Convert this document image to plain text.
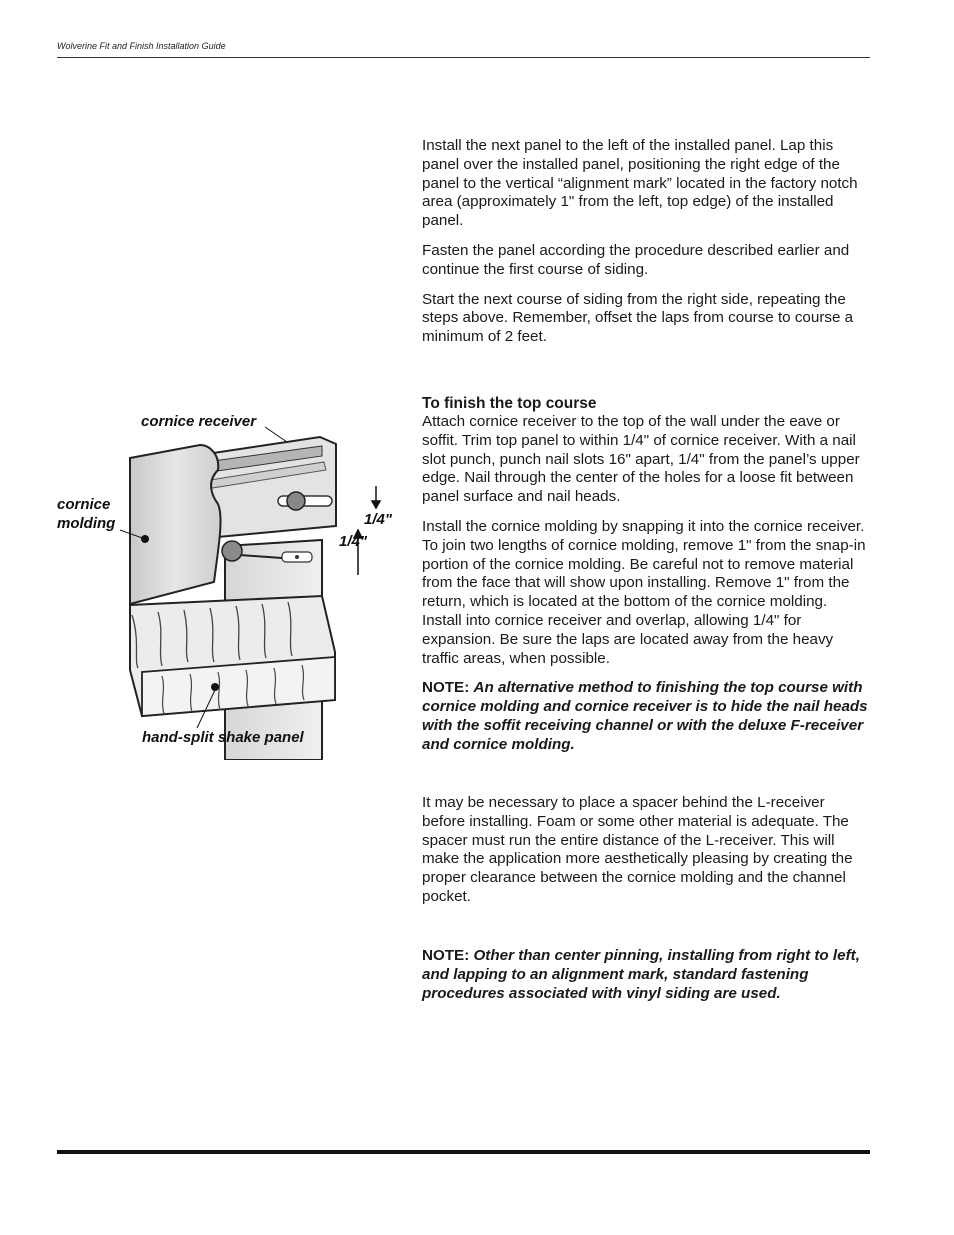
Wolverine Fit and Finish Installation Guide

Install the next panel to the left of the installed panel. Lap this panel over the installed panel, positioning the right edge of the panel to the vertical “alignment mark” located in the factory notch area (approximately 1" from the left, top edge) of the installed panel.

Fasten the panel according the procedure described earlier and continue the first course of siding.

Start the next course of siding from the right side, repeating the steps above. Remember, offset the laps from course to course a minimum of 2 feet.

To finish the top course

Attach cornice receiver to the top of the wall under the eave or soffit. Trim top panel to within 1/4" of cornice receiver. With a nail slot punch, punch nail slots 16" apart, 1/4" from the panel’s upper edge. Nail through the center of the holes for a loose fit between panel surface and nail heads.

Install the cornice molding by snapping it into the cornice receiver. To join two lengths of cornice molding, remove 1" from the snap-in portion of the cornice molding. Be careful not to remove material from the face that will show upon installing. Remove 1" from the return, which is located at the bottom of the cornice molding. Install into cornice receiver and overlap, allowing 1/4" for expansion. Be sure the laps are located away from the heavy traffic areas, when possible.

NOTE: An alternative method to finishing the top course with cornice molding and cornice receiver is to hide the nail heads with the soffit receiving channel or with the deluxe F-receiver and cornice molding.

It may be necessary to place a spacer behind the L-receiver before installing. Foam or some other material is adequate. The spacer must run the entire distance of the L-receiver. This will make the application more aesthetically pleasing by creating the proper clearance between the cornice molding and the channel pocket.

NOTE: Other than center pinning, installing from right to left, and lapping to an alignment mark, standard fastening procedures associated with vinyl siding are used.

cornice receiver
cornice
molding	1/4"
1/4"
hand-split shake panel
